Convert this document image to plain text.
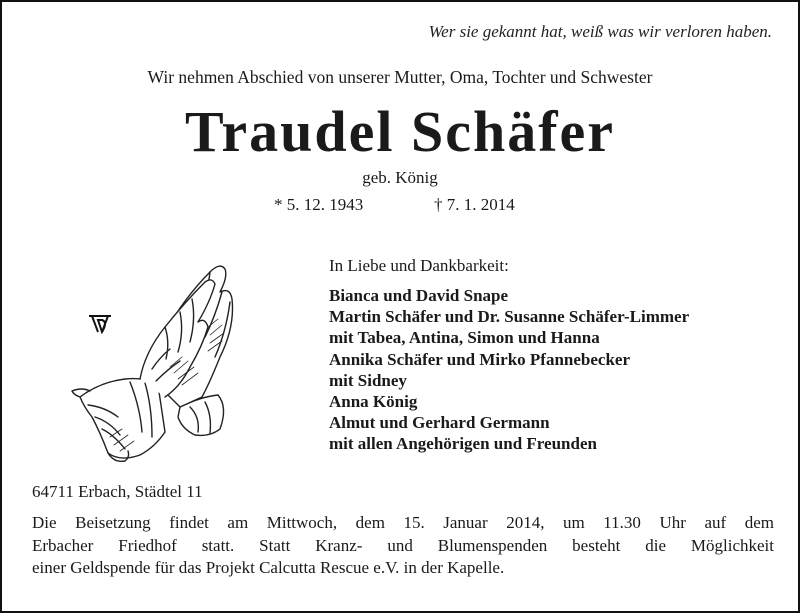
Wer sie gekannt hat, weiß was wir verloren haben.
Wir nehmen Abschied von unserer Mutter, Oma, Tochter und Schwester
Traudel Schäfer
geb. König
* 5. 12. 1943	† 7. 1. 2014
In Liebe und Dankbarkeit:
Bianca und David Snape
Martin Schäfer und Dr. Susanne Schäfer-Limmer
mit Tabea, Antina, Simon und Hanna
Annika Schäfer und Mirko Pfannebecker
mit Sidney
Anna König
Almut und Gerhard Germann
mit allen Angehörigen und Freunden
64711 Erbach, Städtel 11
Die Beisetzung findet am Mittwoch, dem 15. Januar 2014, um 11.30 Uhr auf dem
Erbacher Friedhof statt. Statt Kranz- und Blumenspenden besteht die Möglichkeit
einer Geldspende für das Projekt Calcutta Rescue e.V. in der Kapelle.
